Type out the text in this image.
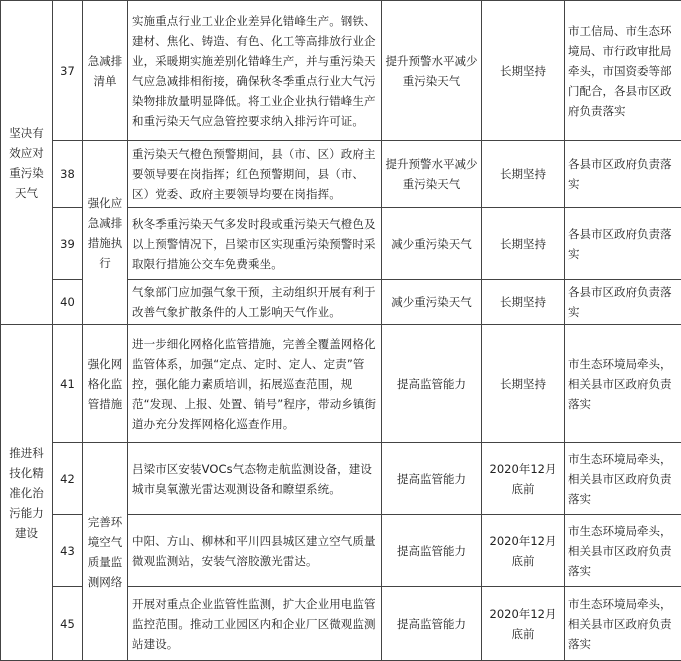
坚决有效应对重污染天气	37	急减排清单	实施重点行业工业企业差异化错峰生产。钢铁、建材、焦化、铸造、有色、化工等高排放行业企业，采暖期实施差别化错峰生产，并与重污染天气应急减排相衔接，确保秋冬季重点行业大气污染物排放量明显降低。将工业企业执行错峰生产和重污染天气应急管控要求纳入排污许可证。	提升预警水平减少重污染天气	长期坚持	市工信局、市生态环境局、市行政审批局牵头，市国资委等部门配合，各县市区政府负责落实
	38	强化应急减排措施执行	重污染天气橙色预警期间，县（市、区）政府主要领导要在岗指挥；红色预警期间，县（市、区）党委、政府主要领导均要在岗指挥。	提升预警水平减少重污染天气	长期坚持	各县市区政府负责落实
	39		秋冬季重污染天气多发时段或重污染天气橙色及以上预警情况下，吕梁市区实现重污染预警时采取限行措施公交车免费乘坐。	减少重污染天气	长期坚持	各县市区政府负责落实
	40		气象部门应加强气象干预，主动组织开展有利于改善气象扩散条件的人工影响天气作业。	减少重污染天气	长期坚持	各县市区政府负责落实
推进科技化精准化治污能力建设	41	强化网格化监管措施	进一步细化网格化监管措施，完善全覆盖网格化监管体系，加强“定点、定时、定人、定责”管控，强化能力素质培训，拓展巡查范围，规范“发现、上报、处置、销号”程序，带动乡镇街道办充分发挥网格化巡查作用。	提高监管能力	长期坚持	市生态环境局牵头，相关县市区政府负责落实
	42	完善环境空气质量监测网络	吕梁市区安装VOCs气态物走航监测设备，建设城市臭氧激光雷达观测设备和瞭望系统。	提高监管能力	2020年12月底前	市生态环境局牵头，相关县市区政府负责落实
	43		中阳、方山、柳林和平川四县城区建立空气质量微观监测站，安装气溶胶激光雷达。	提高监管能力	2020年12月底前	市生态环境局牵头，相关县市区政府负责落实
	45		开展对重点企业监管性监测，扩大企业用电监管监控范围。推动工业园区内和企业厂区微观监测站建设。	提高监管能力	2020年12月底前	市生态环境局牵头，相关县市区政府负责落实
